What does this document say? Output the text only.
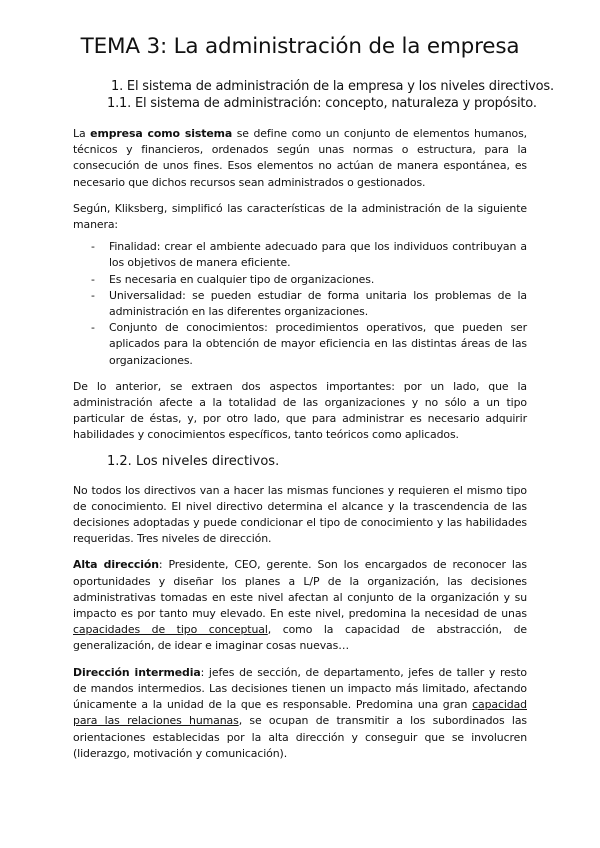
TEMA 3: La administración de la empresa
1. El sistema de administración de la empresa y los niveles directivos.
1.1. El sistema de administración: concepto, naturaleza y propósito.

La empresa como sistema se define como un conjunto de elementos humanos, técnicos y financieros, ordenados según unas normas o estructura, para la consecución de unos fines. Esos elementos no actúan de manera espontánea, es necesario que dichos recursos sean administrados o gestionados.

Según, Kliksberg, simplificó las características de la administración de la siguiente manera:

- Finalidad: crear el ambiente adecuado para que los individuos contribuyan a los objetivos de manera eficiente.
- Es necesaria en cualquier tipo de organizaciones.
- Universalidad: se pueden estudiar de forma unitaria los problemas de la administración en las diferentes organizaciones.
- Conjunto de conocimientos: procedimientos operativos, que pueden ser aplicados para la obtención de mayor eficiencia en las distintas áreas de las organizaciones.

De lo anterior, se extraen dos aspectos importantes: por un lado, que la administración afecte a la totalidad de las organizaciones y no sólo a un tipo particular de éstas, y, por otro lado, que para administrar es necesario adquirir habilidades y conocimientos específicos, tanto teóricos como aplicados.

1.2. Los niveles directivos.

No todos los directivos van a hacer las mismas funciones y requieren el mismo tipo de conocimiento. El nivel directivo determina el alcance y la trascendencia de las decisiones adoptadas y puede condicionar el tipo de conocimiento y las habilidades requeridas. Tres niveles de dirección.

Alta dirección: Presidente, CEO, gerente. Son los encargados de reconocer las oportunidades y diseñar los planes a L/P de la organización, las decisiones administrativas tomadas en este nivel afectan al conjunto de la organización y su impacto es por tanto muy elevado. En este nivel, predomina la necesidad de unas capacidades de tipo conceptual, como la capacidad de abstracción, de generalización, de idear e imaginar cosas nuevas…

Dirección intermedia: jefes de sección, de departamento, jefes de taller y resto de mandos intermedios. Las decisiones tienen un impacto más limitado, afectando únicamente a la unidad de la que es responsable. Predomina una gran capacidad para las relaciones humanas, se ocupan de transmitir a los subordinados las orientaciones establecidas por la alta dirección y conseguir que se involucren (liderazgo, motivación y comunicación).
